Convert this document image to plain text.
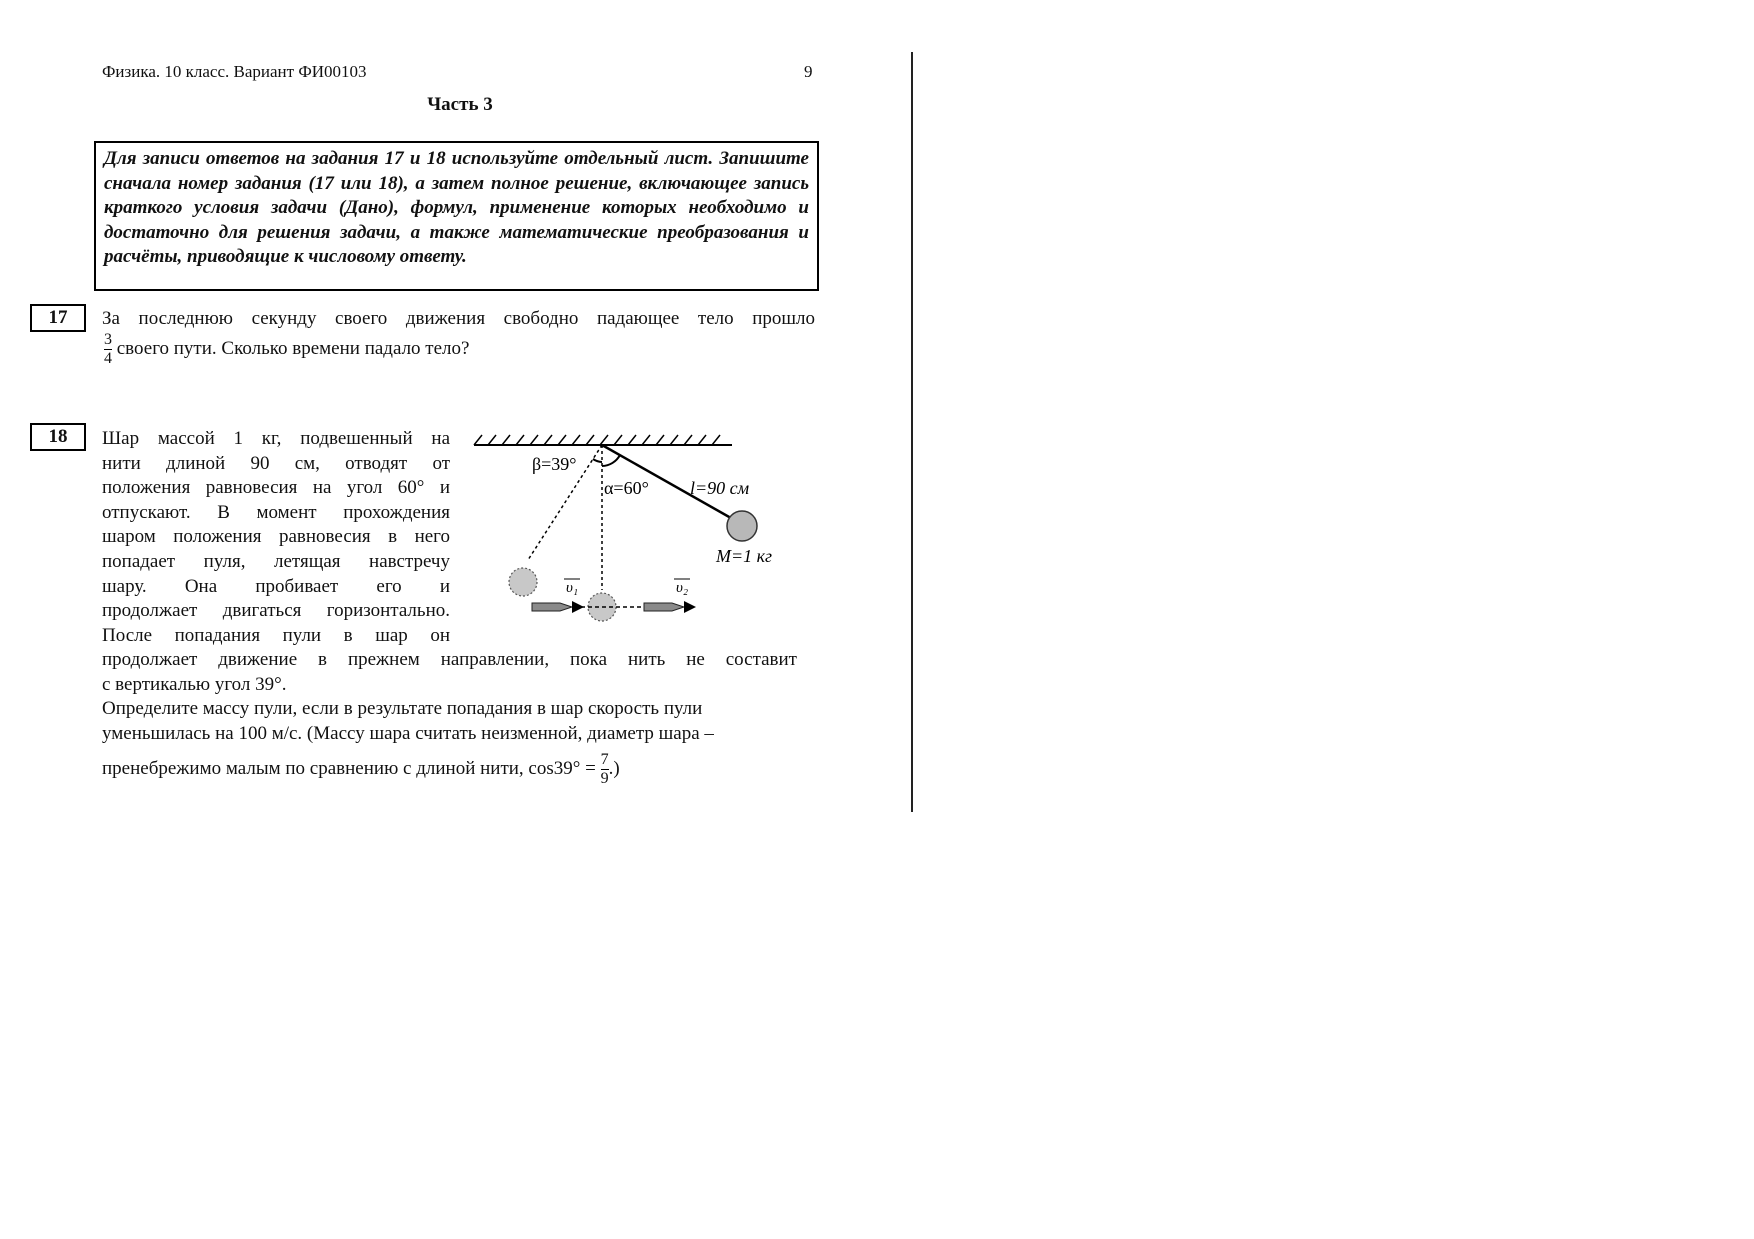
Физика. 10 класс. Вариант ФИ00103	9
Часть 3
Для записи ответов на задания 17 и 18 используйте отдельный лист. Запишите сначала номер задания (17 или 18), а затем полное решение, включающее запись краткого условия задачи (Дано), формул, применение которых необходимо и достаточно для решения задачи, а также математические преобразования и расчёты, приводящие к числовому ответу.
17	За последнюю секунду своего движения свободно падающее тело прошло
$\frac{3}{4}$ своего пути. Сколько времени падало тело?
18	Шар массой 1 кг, подвешенный на
нити длиной 90 см, отводят от
положения равновесия на угол 60° и
отпускают. В момент прохождения
шаром положения равновесия в него
попадает пуля, летящая навстречу
шару. Она пробивает его и
продолжает двигаться горизонтально.
После попадания пули в шар он
продолжает движение в прежнем направлении, пока нить не составит
с вертикалью угол 39°.
Определите массу пули, если в результате попадания в шар скорость пули
уменьшилась на 100 м/с. (Массу шара считать неизменной, диаметр шара –
пренебрежимо малым по сравнению с длиной нити, $\cos 39^\circ = \frac{7}{9}$ .)
β=39°
α=60° l=90 см
M=1 кг
υ₁	υ₂
